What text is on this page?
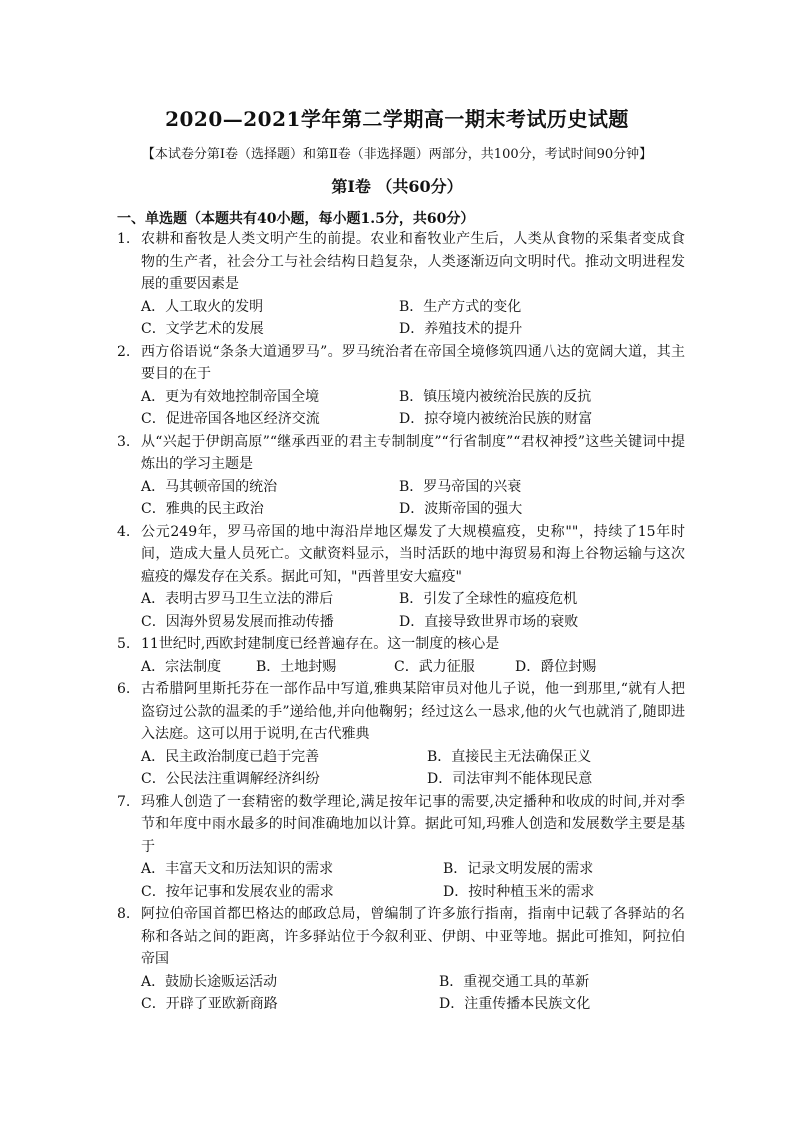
2020—2021学年第二学期高一期末考试历史试题
【本试卷分第Ⅰ卷（选择题）和第Ⅱ卷（非选择题）两部分，共100分，考试时间90分钟】
第Ⅰ卷 （共60分）
一、单选题（本题共有40小题，每小题1.5分，共60分）
1. 农耕和畜牧是人类文明产生的前提。农业和畜牧业产生后，人类从食物的采集者变成食物的生产者，社会分工与社会结构日趋复杂，人类逐渐迈向文明时代。推动文明进程发展的重要因素是
A．人工取火的发明	B．生产方式的变化
C．文学艺术的发展	D．养殖技术的提升
2. 西方俗语说“条条大道通罗马”。罗马统治者在帝国全境修筑四通八达的宽阔大道，其主要目的在于
A．更为有效地控制帝国全境	B．镇压境内被统治民族的反抗
C．促进帝国各地区经济交流	D．掠夺境内被统治民族的财富
3. 从“兴起于伊朗高原”“继承西亚的君主专制制度”“行省制度”“君权神授”这些关键词中提炼出的学习主题是
A．马其顿帝国的统治	B．罗马帝国的兴衰
C．雅典的民主政治	D．波斯帝国的强大
4. 公元249年，罗马帝国的地中海沿岸地区爆发了大规模瘟疫，史称""，持续了15年时间，造成大量人员死亡。文献资料显示，当时活跃的地中海贸易和海上谷物运输与这次瘟疫的爆发存在关系。据此可知，"西普里安大瘟疫"
A．表明古罗马卫生立法的滞后	B．引发了全球性的瘟疫危机
C．因海外贸易发展而推动传播	D．直接导致世界市场的衰败
5. 11世纪时,西欧封建制度已经普遍存在。这一制度的核心是
A．宗法制度	B．土地封赐	C．武力征服	D．爵位封赐
6. 古希腊阿里斯托芬在一部作品中写道,雅典某陪审员对他儿子说，他一到那里,“就有人把盗窃过公款的温柔的手”递给他,并向他鞠躬；经过这么一恳求,他的火气也就消了,随即进入法庭。这可以用于说明,在古代雅典
A．民主政治制度已趋于完善	B．直接民主无法确保正义
C．公民法注重调解经济纠纷	D．司法审判不能体现民意
7. 玛雅人创造了一套精密的数学理论,满足按年记事的需要,决定播种和收成的时间,并对季节和年度中雨水最多的时间准确地加以计算。据此可知,玛雅人创造和发展数学主要是基于
A．丰富天文和历法知识的需求	B．记录文明发展的需求
C．按年记事和发展农业的需求	D．按时种植玉米的需求
8. 阿拉伯帝国首都巴格达的邮政总局，曾编制了许多旅行指南，指南中记载了各驿站的名称和各站之间的距离，许多驿站位于今叙利亚、伊朗、中亚等地。据此可推知，阿拉伯帝国
A．鼓励长途贩运活动	B．重视交通工具的革新
C．开辟了亚欧新商路	D．注重传播本民族文化
